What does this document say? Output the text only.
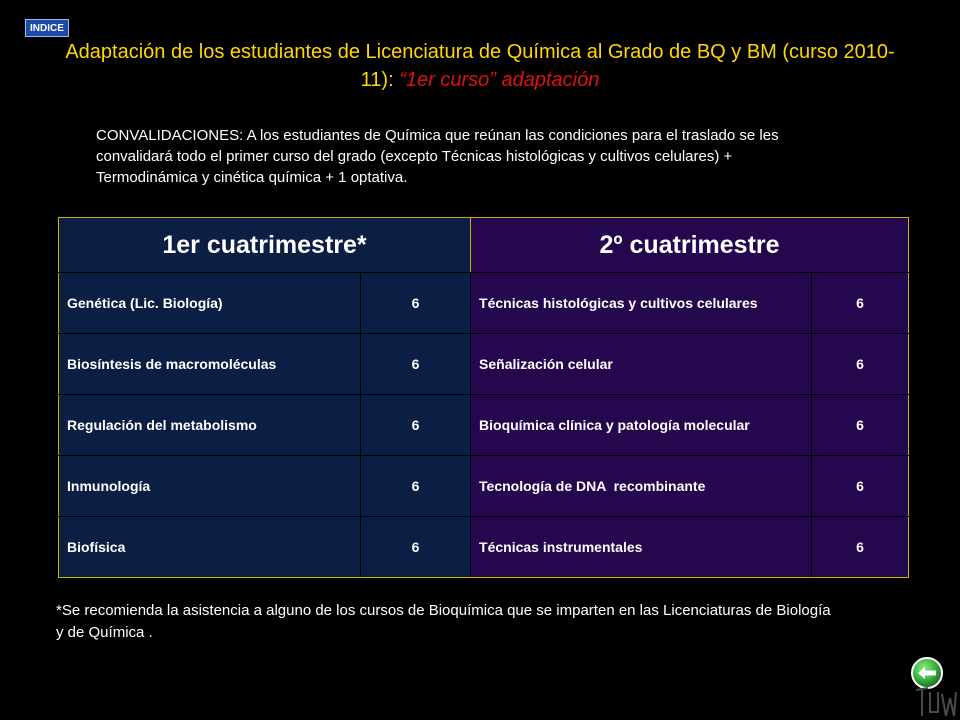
INDICE
Adaptación de los estudiantes de Licenciatura de Química al Grado de BQ y BM (curso 2010-11): “1er curso” adaptación
CONVALIDACIONES: A los estudiantes de Química que reúnan las condiciones para el traslado se les convalidará todo el primer curso del grado (excepto Técnicas histológicas y cultivos celulares) + Termodinámica y cinética química + 1 optativa.
1er cuatrimestre*		2º cuatrimestre	
Genética (Lic. Biología)	6	Técnicas histológicas y cultivos celulares	6
Biosíntesis de macromoléculas	6	Señalización celular	6
Regulación del metabolismo	6	Bioquímica clínica y patología molecular	6
Inmunología	6	Tecnología de DNA  recombinante	6
Biofísica	6	Técnicas instrumentales	6
*Se recomienda la asistencia a alguno de los cursos de Bioquímica que se imparten en las Licenciaturas de Biología y de Química .
